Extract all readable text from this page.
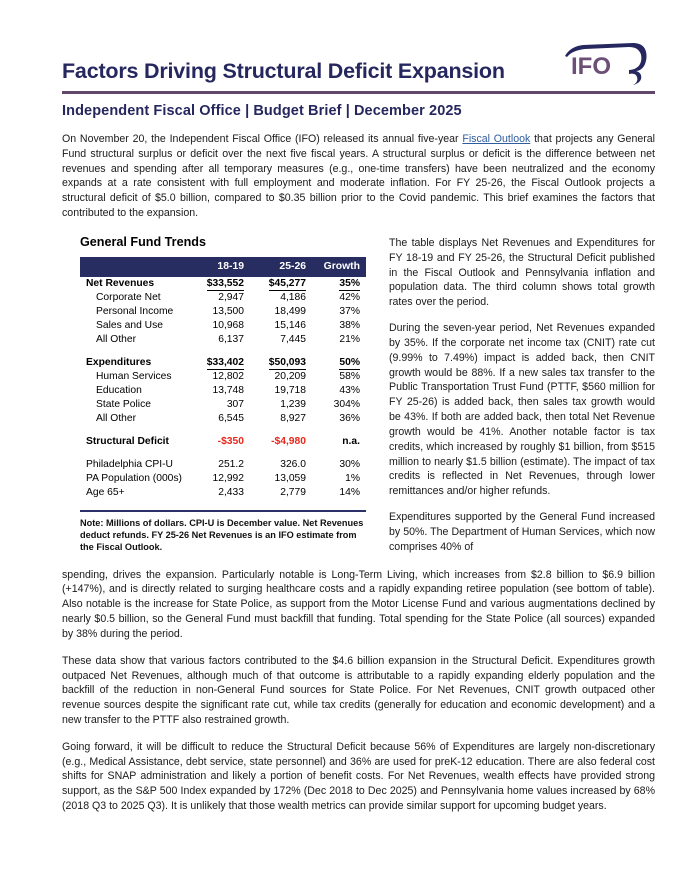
Factors Driving Structural Deficit Expansion	IFO
Independent Fiscal Office | Budget Brief | December 2025
On November 20, the Independent Fiscal Office (IFO) released its annual five-year Fiscal Outlook that projects any General Fund structural surplus or deficit over the next five fiscal years. A structural surplus or deficit is the difference between net revenues and spending after all temporary measures (e.g., one-time transfers) have been neutralized and the economy expands at a rate consistent with full employment and moderate inflation. For FY 25-26, the Fiscal Outlook projects a structural deficit of $5.0 billion, compared to $0.35 billion prior to the Covid pandemic. This brief examines the factors that contributed to the expansion.
General Fund Trends
	18-19	25-26	Growth
Net Revenues	$33,552	$45,277	35%
Corporate Net	2,947	4,186	42%
Personal Income	13,500	18,499	37%
Sales and Use	10,968	15,146	38%
All Other	6,137	7,445	21%

Expenditures	$33,402	$50,093	50%
Human Services	12,802	20,209	58%
Education	13,748	19,718	43%
State Police	307	1,239	304%
All Other	6,545	8,927	36%

Structural Deficit	-$350	-$4,980	n.a.

Philadelphia CPI-U	251.2	326.0	30%
PA Population (000s)	12,992	13,059	1%
Age 65+	2,433	2,779	14%
Note: Millions of dollars. CPI-U is December value. Net Revenues deduct refunds. FY 25-26 Net Revenues is an IFO estimate from the Fiscal Outlook.
The table displays Net Revenues and Expenditures for FY 18-19 and FY 25-26, the Structural Deficit published in the Fiscal Outlook and Pennsylvania inflation and population data. The third column shows total growth rates over the period.
During the seven-year period, Net Revenues expanded by 35%. If the corporate net income tax (CNIT) rate cut (9.99% to 7.49%) impact is added back, then CNIT growth would be 88%. If a new sales tax transfer to the Public Transportation Trust Fund (PTTF, $560 million for FY 25-26) is added back, then sales tax growth would be 43%. If both are added back, then total Net Revenue growth would be 41%. Another notable factor is tax credits, which increased by roughly $1 billion, from $515 million to nearly $1.5 billion (estimate). The impact of tax credits is reflected in Net Revenues, through lower remittances and/or higher refunds.
Expenditures supported by the General Fund increased by 50%. The Department of Human Services, which now comprises 40% of
spending, drives the expansion. Particularly notable is Long-Term Living, which increases from $2.8 billion to $6.9 billion (+147%), and is directly related to surging healthcare costs and a rapidly expanding retiree population (see bottom of table). Also notable is the increase for State Police, as support from the Motor License Fund and various augmentations declined by nearly $0.5 billion, so the General Fund must backfill that funding. Total spending for the State Police (all sources) expanded by 38% during the period.
These data show that various factors contributed to the $4.6 billion expansion in the Structural Deficit. Expenditures growth outpaced Net Revenues, although much of that outcome is attributable to a rapidly expanding elderly population and the backfill of the reduction in non-General Fund sources for State Police. For Net Revenues, CNIT growth outpaced other revenue sources despite the significant rate cut, while tax credits (generally for education and economic development) and a new transfer to the PTTF also restrained growth.
Going forward, it will be difficult to reduce the Structural Deficit because 56% of Expenditures are largely non-discretionary (e.g., Medical Assistance, debt service, state personnel) and 36% are used for preK-12 education. There are also federal cost shifts for SNAP administration and likely a portion of benefit costs. For Net Revenues, wealth effects have provided strong support, as the S&P 500 Index expanded by 172% (Dec 2018 to Dec 2025) and Pennsylvania home values increased by 68% (2018 Q3 to 2025 Q3). It is unlikely that those wealth metrics can provide similar support for upcoming budget years.
